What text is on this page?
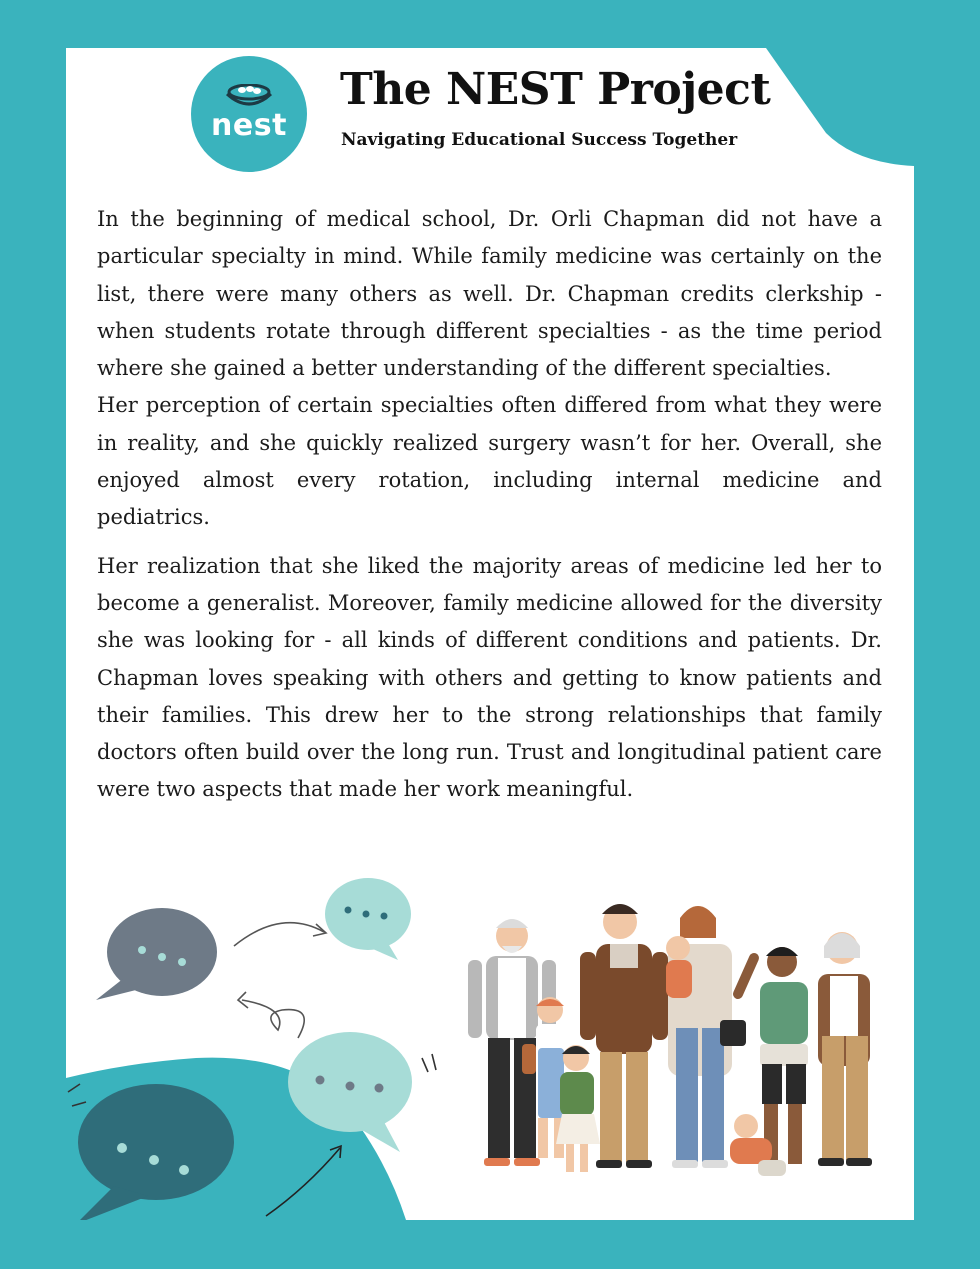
nest
The NEST Project
Navigating Educational Success Together

In the beginning of medical school, Dr. Orli Chapman did not have a particular specialty in mind. While family medicine was certainly on the list, there were many others as well. Dr. Chapman credits clerkship - when students rotate through different specialties - as the time period where she gained a better understanding of the different specialties.

Her perception of certain specialties often differed from what they were in reality, and she quickly realized surgery wasn’t for her. Overall, she enjoyed almost every rotation, including internal medicine and pediatrics.

Her realization that she liked the majority areas of medicine led her to become a generalist. Moreover, family medicine allowed for the diversity she was looking for - all kinds of different conditions and patients. Dr. Chapman loves speaking with others and getting to know patients and their families. This drew her to the strong relationships that family doctors often build over the long run. Trust and longitudinal patient care were two aspects that made her work meaningful.
